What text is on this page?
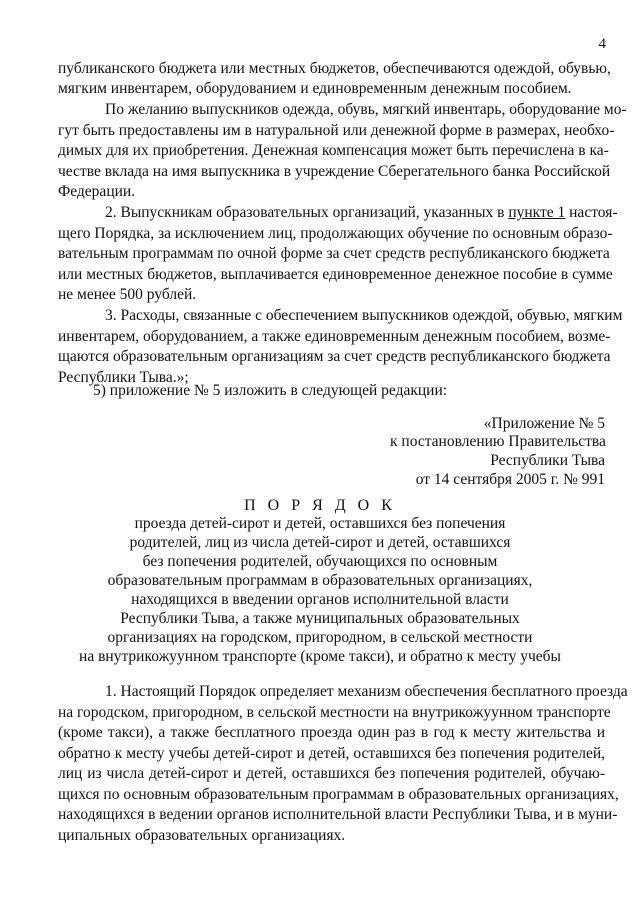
4

публиканского бюджета или местных бюджетов, обеспечиваются одеждой, обувью,

мягким инвентарем, оборудованием и единовременным денежным пособием.

По желанию выпускников одежда, обувь, мягкий инвентарь, оборудование мо-

гут быть предоставлены им в натуральной или денежной форме в размерах, необхо-

димых для их приобретения. Денежная компенсация может быть перечислена в ка-

честве вклада на имя выпускника в учреждение Сберегательного банка Российской

Федерации.

2. Выпускникам образовательных организаций, указанных в пункте 1 настоя-

щего Порядка, за исключением лиц, продолжающих обучение по основным образо-

вательным программам по очной форме за счет средств республиканского бюджета

или местных бюджетов, выплачивается единовременное денежное пособие в сумме

не менее 500 рублей.

3. Расходы, связанные с обеспечением выпускников одеждой, обувью, мягким

инвентарем, оборудованием, а также единовременным денежным пособием, возме-

щаются образовательным организациям за счет средств республиканского бюджета

Республики Тыва.»;

5) приложение № 5 изложить в следующей редакции:

«Приложение № 5

к постановлению Правительства

Республики Тыва

от 14 сентября 2005 г. № 991

П О Р Я Д О К

проезда детей-сирот и детей, оставшихся без попечения

родителей, лиц из числа детей-сирот и детей, оставшихся

без попечения родителей, обучающихся по основным

образовательным программам в образовательных организациях,

находящихся в введении органов исполнительной власти

Республики Тыва, а также муниципальных образовательных

организациях на городском, пригородном, в сельской местности

на внутрикожуунном транспорте (кроме такси), и обратно к месту учебы

1. Настоящий Порядок определяет механизм обеспечения бесплатного проезда

на городском, пригородном, в сельской местности на внутрикожуунном транспорте

(кроме такси), а также бесплатного проезда один раз в год к месту жительства и

обратно к месту учебы детей-сирот и детей, оставшихся без попечения родителей,

лиц из числа детей-сирот и детей, оставшихся без попечения родителей, обучаю-

щихся по основным образовательным программам в образовательных организациях,

находящихся в ведении органов исполнительной власти Республики Тыва, и в муни-

ципальных образовательных организациях.
